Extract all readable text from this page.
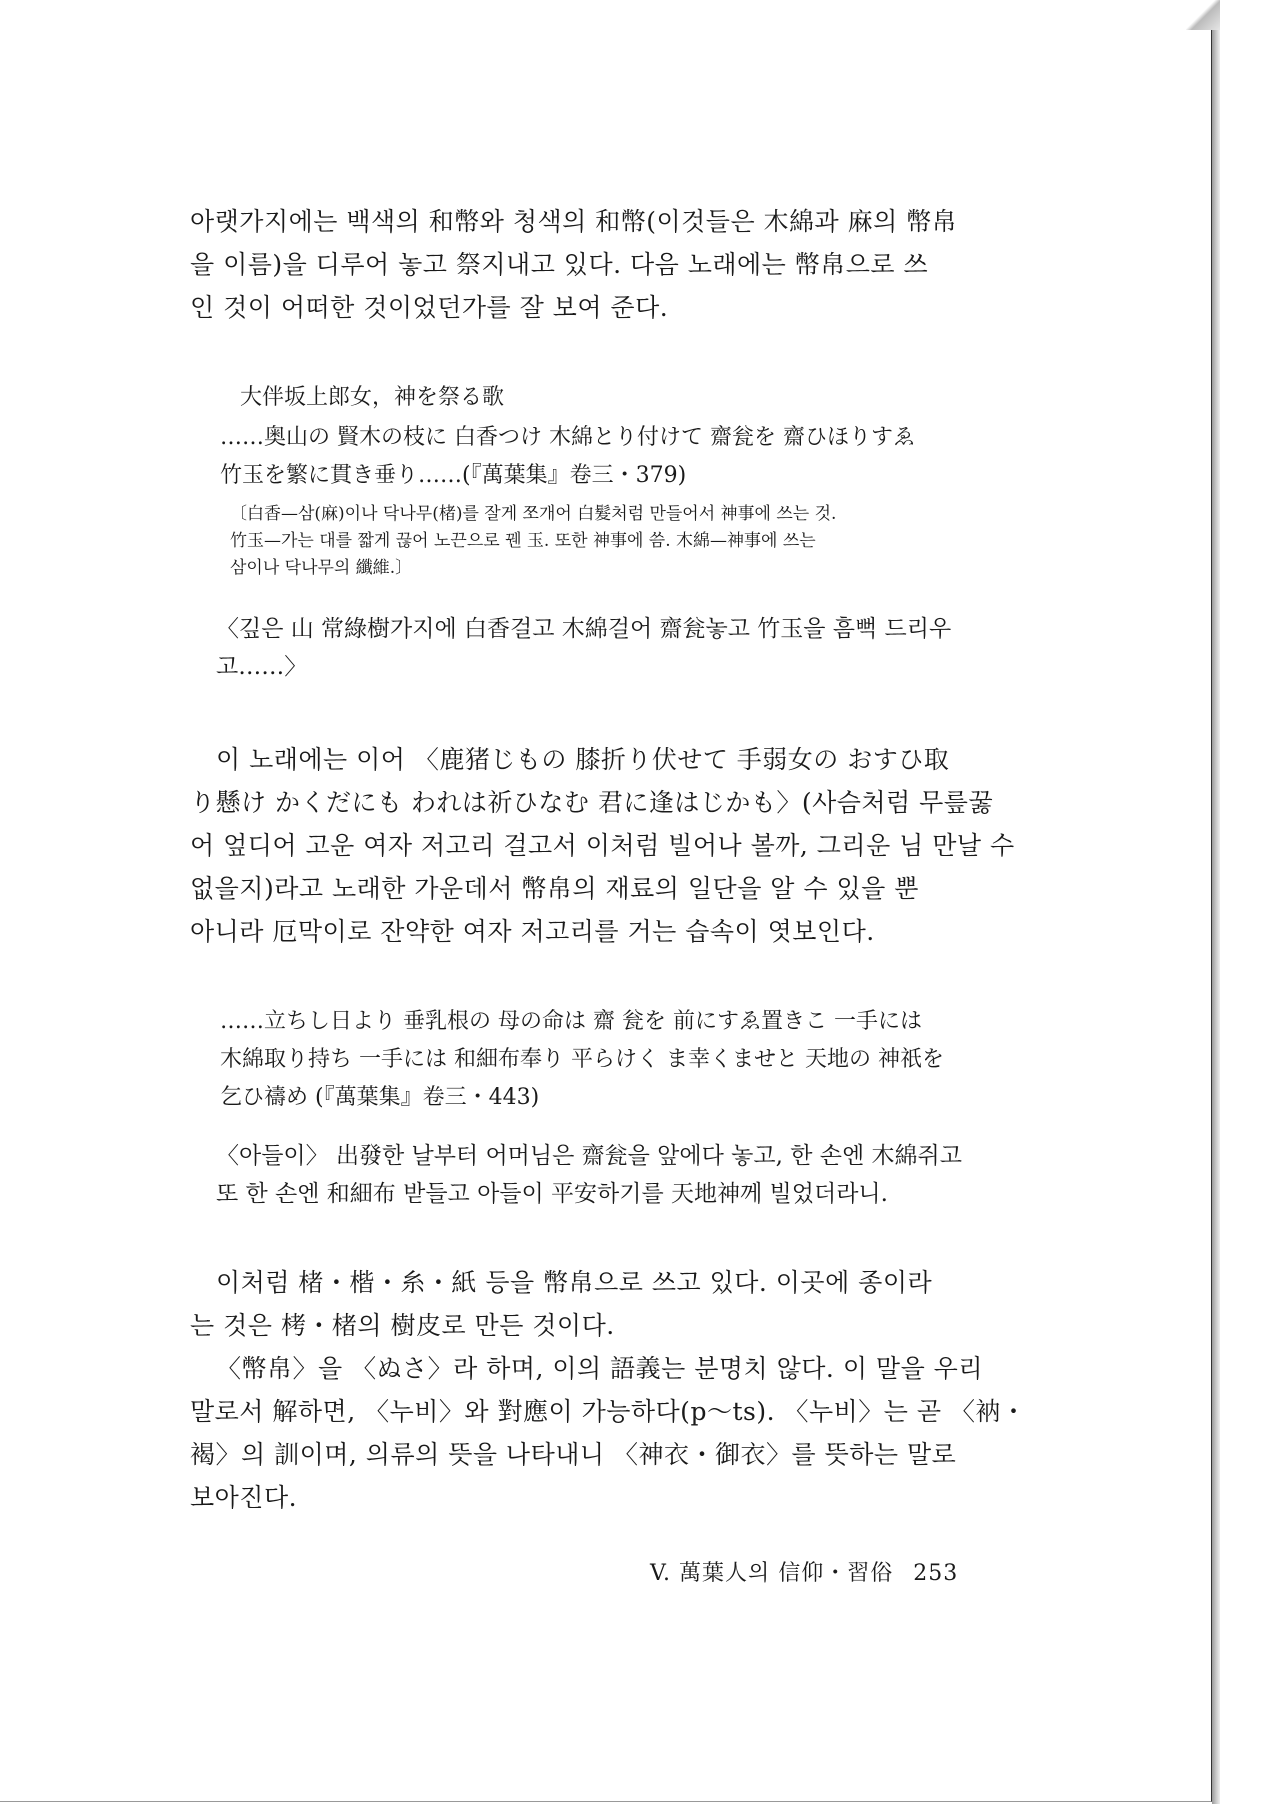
아랫가지에는 백색의 和幣와 청색의 和幣(이것들은 木綿과 麻의 幣帛
을 이름)을 디루어 놓고 祭지내고 있다. 다음 노래에는 幣帛으로 쓰
인 것이 어떠한 것이었던가를 잘 보여 준다.

大伴坂上郎女，神を祭る歌

……奥山の 賢木の枝に 白香つけ 木綿とり付けて 齋瓮を 齋ひほりすゑ
竹玉を繁に貫き垂り……(『萬葉集』卷三・379)

〔白香—삼(麻)이나 닥나무(楮)를 잘게 쪼개어 白髮처럼 만들어서 神事에 쓰는 것.
竹玉—가는 대를 짧게 끊어 노끈으로 꿴 玉. 또한 神事에 씀. 木綿—神事에 쓰는
삼이나 닥나무의 纖維.〕

〈깊은 山 常綠樹가지에 白香걸고 木綿걸어 齋瓮놓고 竹玉을 흠뻑 드리우
고……〉

이 노래에는 이어 〈鹿猪じもの 膝折り伏せて 手弱女の おすひ取
り懸け かくだにも われは祈ひなむ 君に逢はじかも〉(사슴처럼 무릎꿇
어 엎디어 고운 여자 저고리 걸고서 이처럼 빌어나 볼까, 그리운 님 만날 수
없을지)라고 노래한 가운데서 幣帛의 재료의 일단을 알 수 있을 뿐
아니라 厄막이로 잔약한 여자 저고리를 거는 습속이 엿보인다.

……立ちし日より 垂乳根の 母の命は 齋 瓮を 前にすゑ置きこ 一手には
木綿取り持ち 一手には 和細布奉り 平らけく ま幸くませと 天地の 神祇を
乞ひ禱め (『萬葉集』卷三・443)

〈아들이〉 出發한 날부터 어머님은 齋瓮을 앞에다 놓고, 한 손엔 木綿쥐고
또 한 손엔 和細布 받들고 아들이 平安하기를 天地神께 빌었더라니.

이처럼 楮・楷・糸・紙 등을 幣帛으로 쓰고 있다. 이곳에 종이라
는 것은 栲・楮의 樹皮로 만든 것이다.

〈幣帛〉을 〈ぬさ〉라 하며, 이의 語義는 분명치 않다. 이 말을 우리
말로서 解하면, 〈누비〉와 對應이 가능하다(p〜ts). 〈누비〉는 곧 〈衲・
褐〉의 訓이며, 의류의 뜻을 나타내니 〈神衣・御衣〉를 뜻하는 말로
보아진다.

V. 萬葉人의 信仰・習俗 253
